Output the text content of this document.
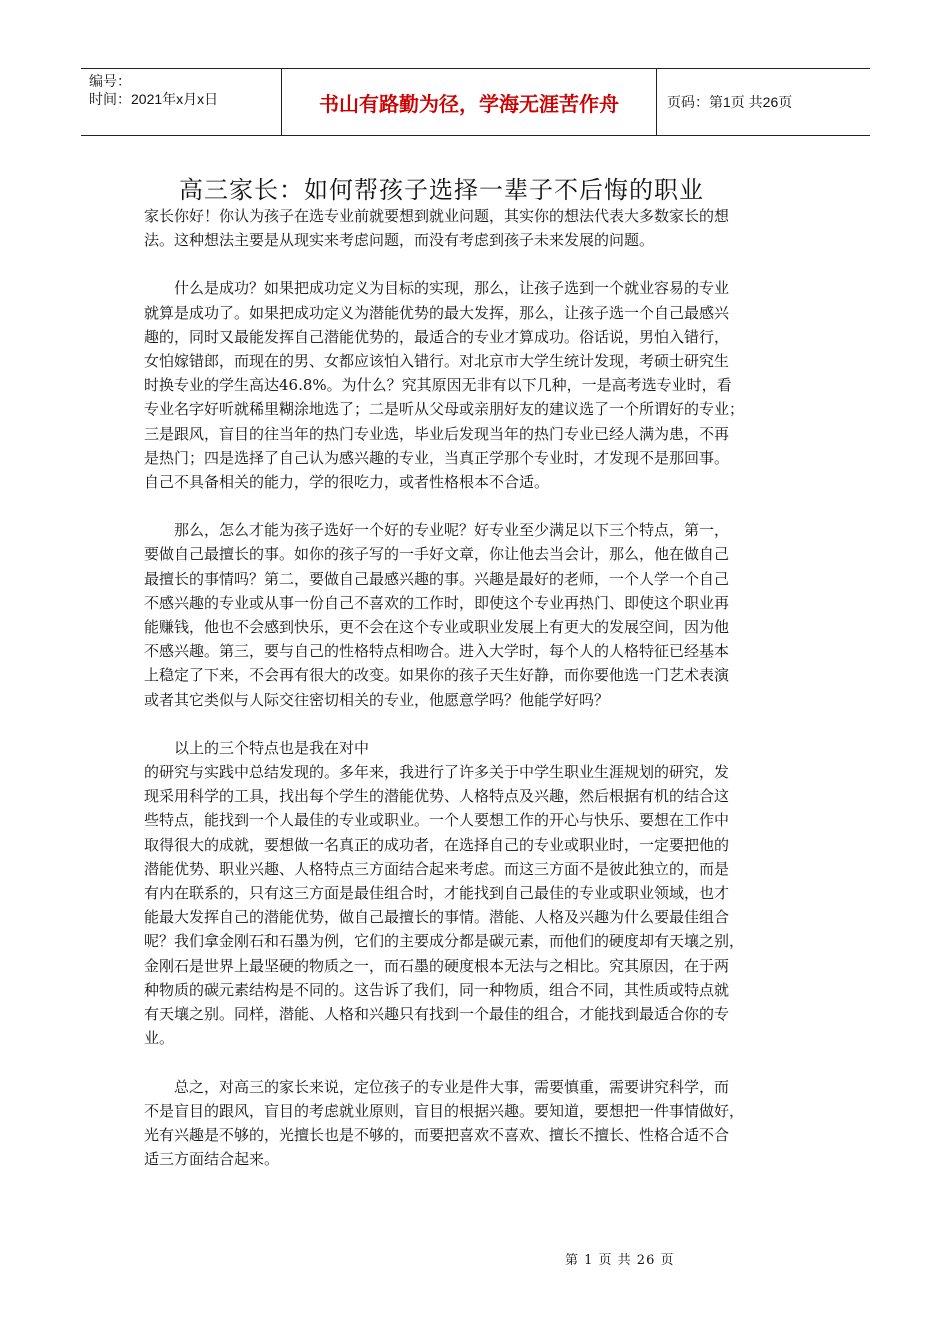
编号：
时间：2021年x月x日	书山有路勤为径，学海无涯苦作舟	页码：第1页 共26页
高三家长：如何帮孩子选择一辈子不后悔的职业

家长你好！你认为孩子在选专业前就要想到就业问题，其实你的想法代表大多数家长的想

法。这种想法主要是从现实来考虑问题，而没有考虑到孩子未来发展的问题。

　　什么是成功？如果把成功定义为目标的实现，那么，让孩子选到一个就业容易的专业

就算是成功了。如果把成功定义为潜能优势的最大发挥，那么，让孩子选一个自己最感兴

趣的，同时又最能发挥自己潜能优势的，最适合的专业才算成功。俗话说，男怕入错行，

女怕嫁错郎，而现在的男、女都应该怕入错行。对北京市大学生统计发现，考硕士研究生

时换专业的学生高达46.8%。为什么？究其原因无非有以下几种，一是高考选专业时，看

专业名字好听就稀里糊涂地选了；二是听从父母或亲朋好友的建议选了一个所谓好的专业；

三是跟风，盲目的往当年的热门专业选，毕业后发现当年的热门专业已经人满为患，不再

是热门；四是选择了自己认为感兴趣的专业，当真正学那个专业时，才发现不是那回事。

自己不具备相关的能力，学的很吃力，或者性格根本不合适。

　　那么，怎么才能为孩子选好一个好的专业呢？好专业至少满足以下三个特点，第一，

要做自己最擅长的事。如你的孩子写的一手好文章，你让他去当会计，那么，他在做自己

最擅长的事情吗？第二，要做自己最感兴趣的事。兴趣是最好的老师，一个人学一个自己

不感兴趣的专业或从事一份自己不喜欢的工作时，即使这个专业再热门、即使这个职业再

能赚钱，他也不会感到快乐，更不会在这个专业或职业发展上有更大的发展空间，因为他

不感兴趣。第三，要与自己的性格特点相吻合。进入大学时，每个人的人格特征已经基本

上稳定了下来，不会再有很大的改变。如果你的孩子天生好静，而你要他选一门艺术表演

或者其它类似与人际交往密切相关的专业，他愿意学吗？他能学好吗？

　　以上的三个特点也是我在对中

的研究与实践中总结发现的。多年来，我进行了许多关于中学生职业生涯规划的研究，发

现采用科学的工具，找出每个学生的潜能优势、人格特点及兴趣，然后根据有机的结合这

些特点，能找到一个人最佳的专业或职业。一个人要想工作的开心与快乐、要想在工作中

取得很大的成就，要想做一名真正的成功者，在选择自己的专业或职业时，一定要把他的

潜能优势、职业兴趣、人格特点三方面结合起来考虑。而这三方面不是彼此独立的，而是

有内在联系的，只有这三方面是最佳组合时，才能找到自己最佳的专业或职业领域，也才

能最大发挥自己的潜能优势，做自己最擅长的事情。潜能、人格及兴趣为什么要最佳组合

呢？我们拿金刚石和石墨为例，它们的主要成分都是碳元素，而他们的硬度却有天壤之别，

金刚石是世界上最坚硬的物质之一，而石墨的硬度根本无法与之相比。究其原因，在于两

种物质的碳元素结构是不同的。这告诉了我们，同一种物质，组合不同，其性质或特点就

有天壤之别。同样，潜能、人格和兴趣只有找到一个最佳的组合，才能找到最适合你的专

业。

　　总之，对高三的家长来说，定位孩子的专业是件大事，需要慎重，需要讲究科学，而

不是盲目的跟风，盲目的考虑就业原则，盲目的根据兴趣。要知道，要想把一件事情做好，

光有兴趣是不够的，光擅长也是不够的，而要把喜欢不喜欢、擅长不擅长、性格合适不合

适三方面结合起来。

第 1 页 共 26 页
